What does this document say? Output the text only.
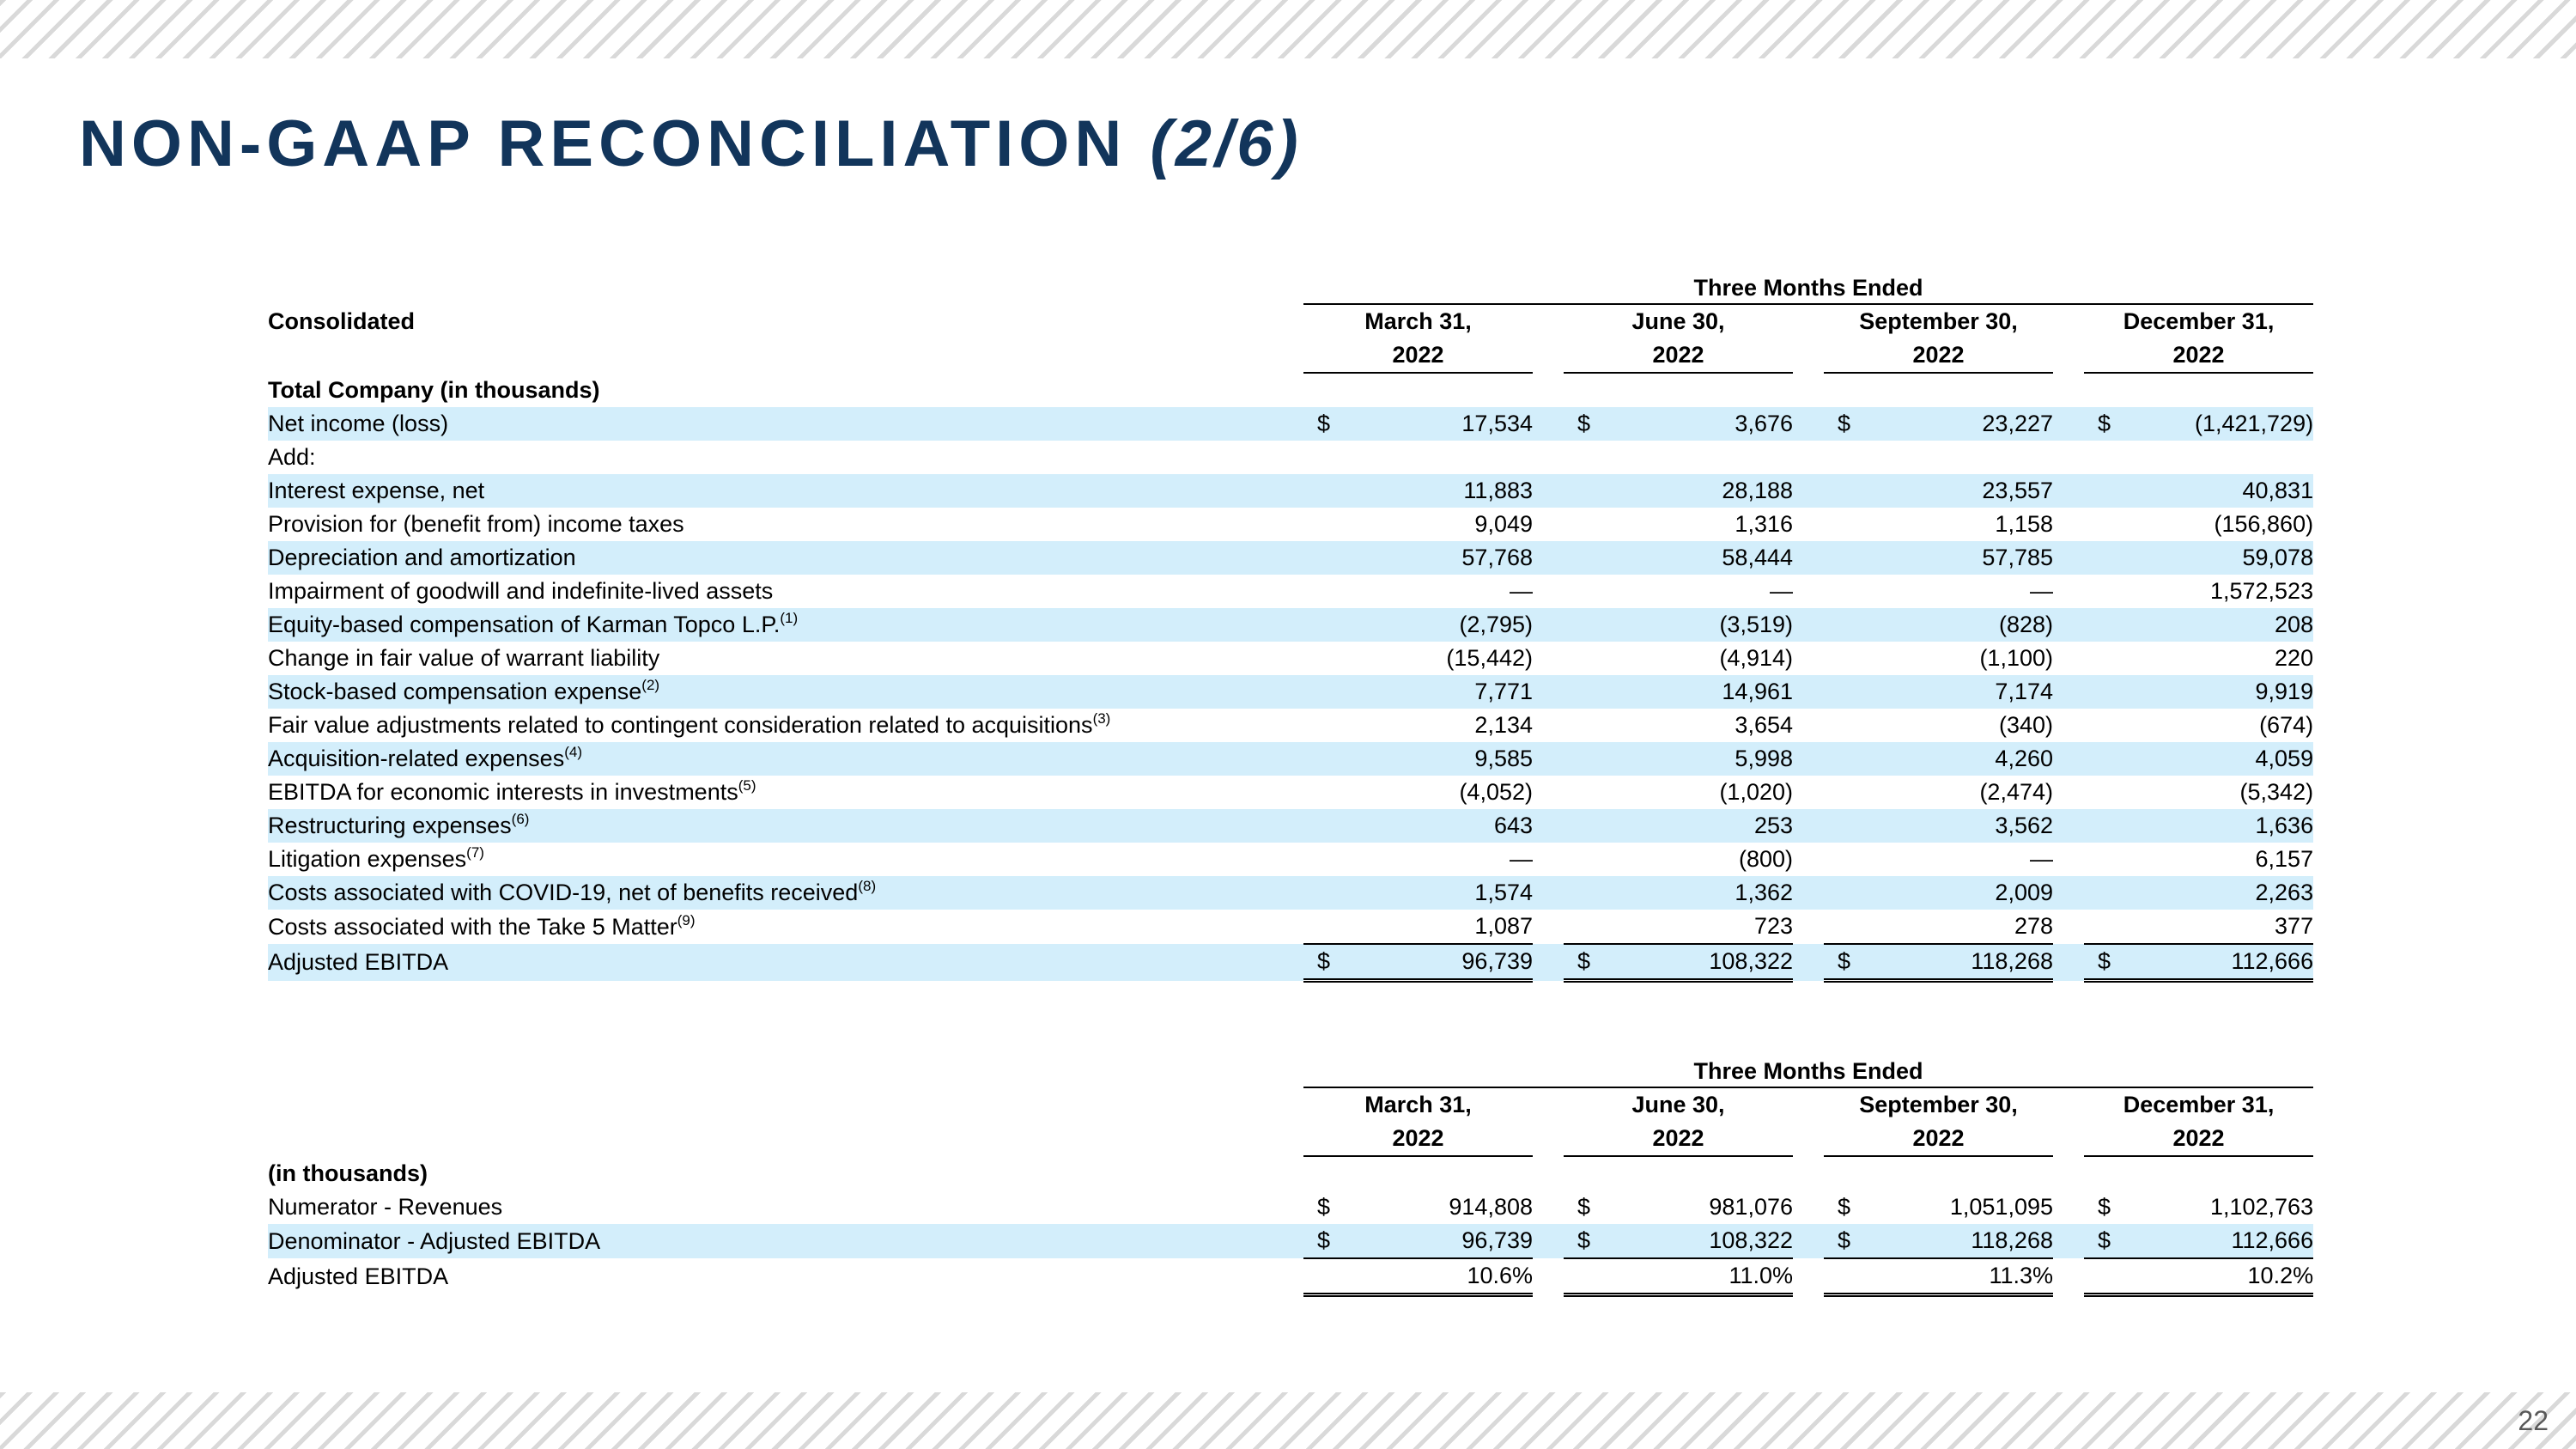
NON-GAAP RECONCILIATION (2/6)

	Three Months Ended										

Consolidated	March 31,			June 30,			September 30,			December 31,	
	2022			2022			2022			2022	
Total Company (in thousands)											
Net income (loss)	$	17,534		$	3,676		$	23,227		$	(1,421,729)
Add:											
Interest expense, net		11,883			28,188			23,557			40,831
Provision for (benefit from) income taxes		9,049			1,316			1,158			(156,860)
Depreciation and amortization		57,768			58,444			57,785			59,078
Impairment of goodwill and indefinite-lived assets		—			—			—			1,572,523
Equity-based compensation of Karman Topco L.P.$^{(1)}$		(2,795)			(3,519)			(828)			208
Change in fair value of warrant liability		(15,442)			(4,914)			(1,100)			220
Stock-based compensation expense$^{(2)}$		7,771			14,961			7,174			9,919
Fair value adjustments related to contingent consideration related to acquisitions$^{(3)}$		2,134			3,654			(340)			(674)
Acquisition-related expenses$^{(4)}$		9,585			5,998			4,260			4,059
EBITDA for economic interests in investments$^{(5)}$		(4,052)			(1,020)			(2,474)			(5,342)
Restructuring expenses$^{(6)}$		643			253			3,562			1,636
Litigation expenses$^{(7)}$		—			(800)			—			6,157
Costs associated with COVID-19, net of benefits received$^{(8)}$		1,574			1,362			2,009			2,263
Costs associated with the Take 5 Matter$^{(9)}$		1,087			723			278			377
Adjusted EBITDA	$	96,739		$	108,322		$	118,268		$	112,666

	Three Months Ended										

	March 31,			June 30,			September 30,			December 31,	
	2022			2022			2022			2022	
(in thousands)											
Numerator - Revenues	$	914,808		$	981,076		$	1,051,095		$	1,102,763
Denominator - Adjusted EBITDA	$	96,739		$	108,322		$	118,268		$	112,666
Adjusted EBITDA		10.6%			11.0%			11.3%			10.2%
22
